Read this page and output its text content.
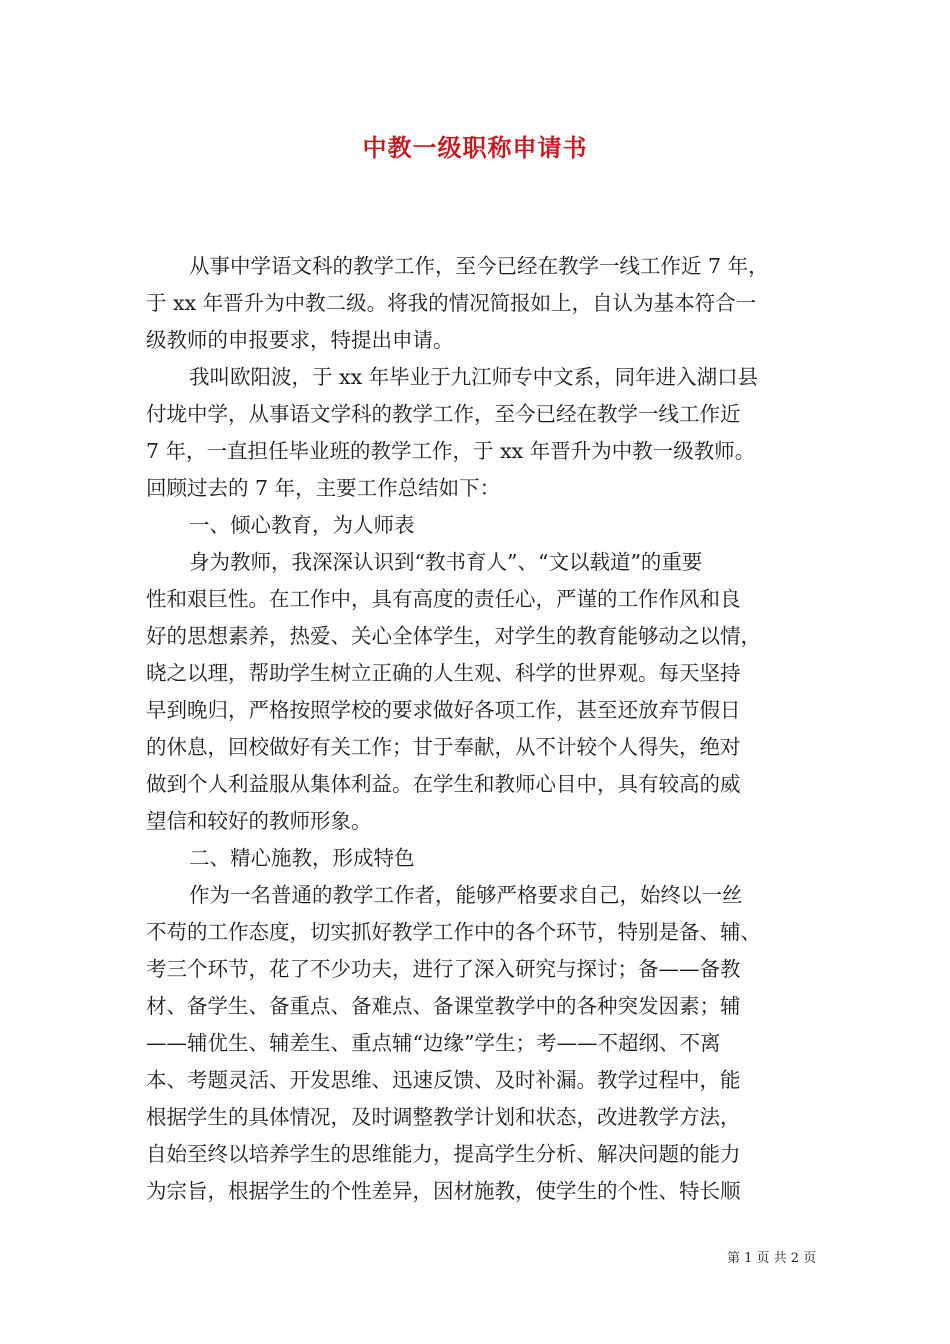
中教一级职称申请书

从事中学语文科的教学工作，至今已经在教学一线工作近 7 年，

于 xx 年晋升为中教二级。将我的情况简报如上，自认为基本符合一

级教师的申报要求，特提出申请。

我叫欧阳波，于 xx 年毕业于九江师专中文系，同年进入湖口县

付垅中学，从事语文学科的教学工作，至今已经在教学一线工作近

7 年，一直担任毕业班的教学工作，于 xx 年晋升为中教一级教师。

回顾过去的 7 年，主要工作总结如下：

一、倾心教育，为人师表

身为教师，我深深认识到“教书育人”、“文以载道”的重要

性和艰巨性。在工作中，具有高度的责任心，严谨的工作作风和良

好的思想素养，热爱、关心全体学生，对学生的教育能够动之以情，

晓之以理，帮助学生树立正确的人生观、科学的世界观。每天坚持

早到晚归，严格按照学校的要求做好各项工作，甚至还放弃节假日

的休息，回校做好有关工作；甘于奉献，从不计较个人得失，绝对

做到个人利益服从集体利益。在学生和教师心目中，具有较高的威

望信和较好的教师形象。

二、精心施教，形成特色

作为一名普通的教学工作者，能够严格要求自己，始终以一丝

不苟的工作态度，切实抓好教学工作中的各个环节，特别是备、辅、

考三个环节，花了不少功夫，进行了深入研究与探讨；备——备教

材、备学生、备重点、备难点、备课堂教学中的各种突发因素；辅

——辅优生、辅差生、重点辅“边缘”学生；考——不超纲、不离

本、考题灵活、开发思维、迅速反馈、及时补漏。教学过程中，能

根据学生的具体情况，及时调整教学计划和状态，改进教学方法，

自始至终以培养学生的思维能力，提高学生分析、解决问题的能力

为宗旨，根据学生的个性差异，因材施教，使学生的个性、特长顺

第 1 页 共 2 页
